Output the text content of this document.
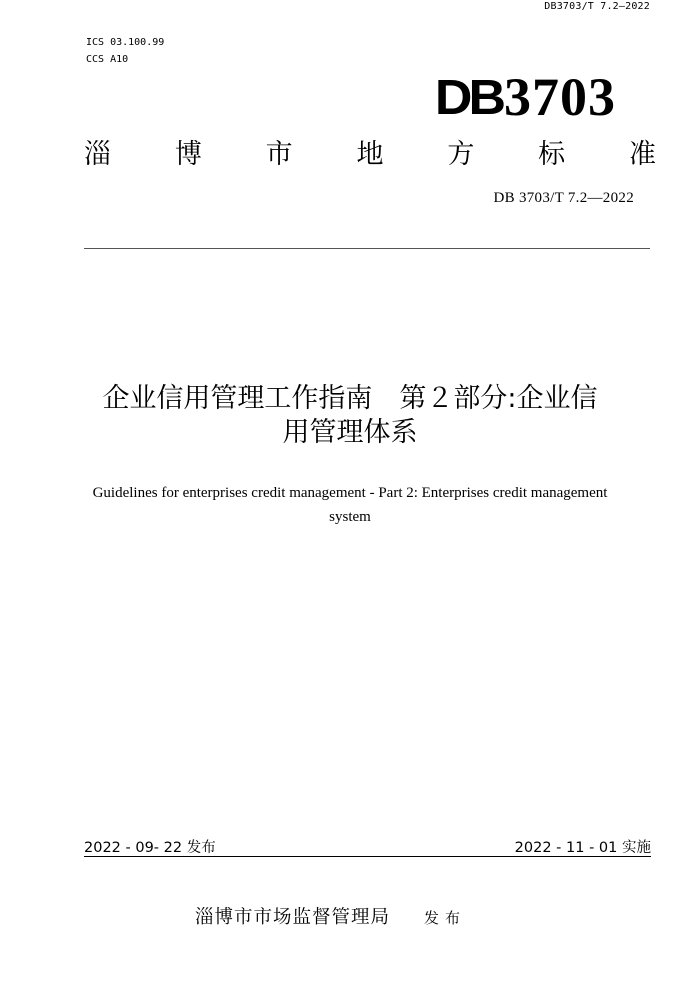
DB3703/T 7.2—2022
ICS 03.100.99
CCS A10
DB 3703
淄 博 市 地 方 标 准
DB 3703/T 7.2—2022
企业信用管理工作指南　第２部分:企业信
用管理体系
Guidelines for enterprises credit management - Part 2: Enterprises credit management
system
2022 - 09- 22 发布	2022 - 11 - 01 实施
淄博市市场监督管理局 发布
